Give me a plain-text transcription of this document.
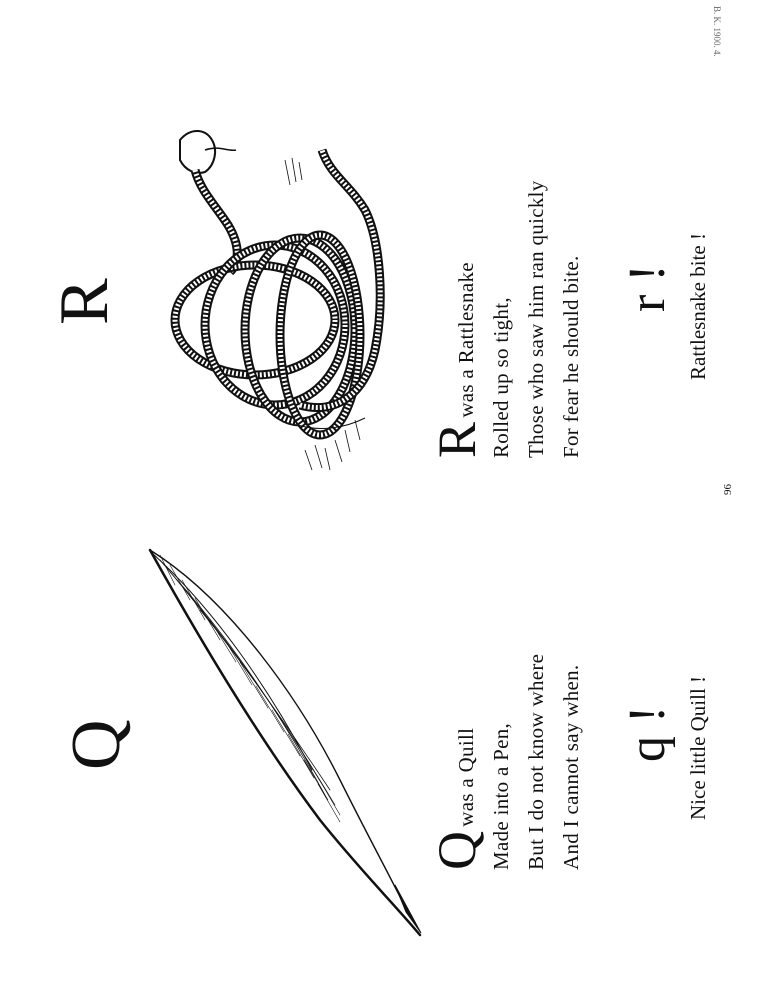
B. K. 1900. 4.
Q
Qwas a Quill Made into a Pen, But I do not know where And I cannot say when. q ! Nice little Quill !
R
Rwas a Rattlesnake Rolled up so tight, Those who saw him ran quickly For fear he should bite. r ! Rattlesnake bite !
96
